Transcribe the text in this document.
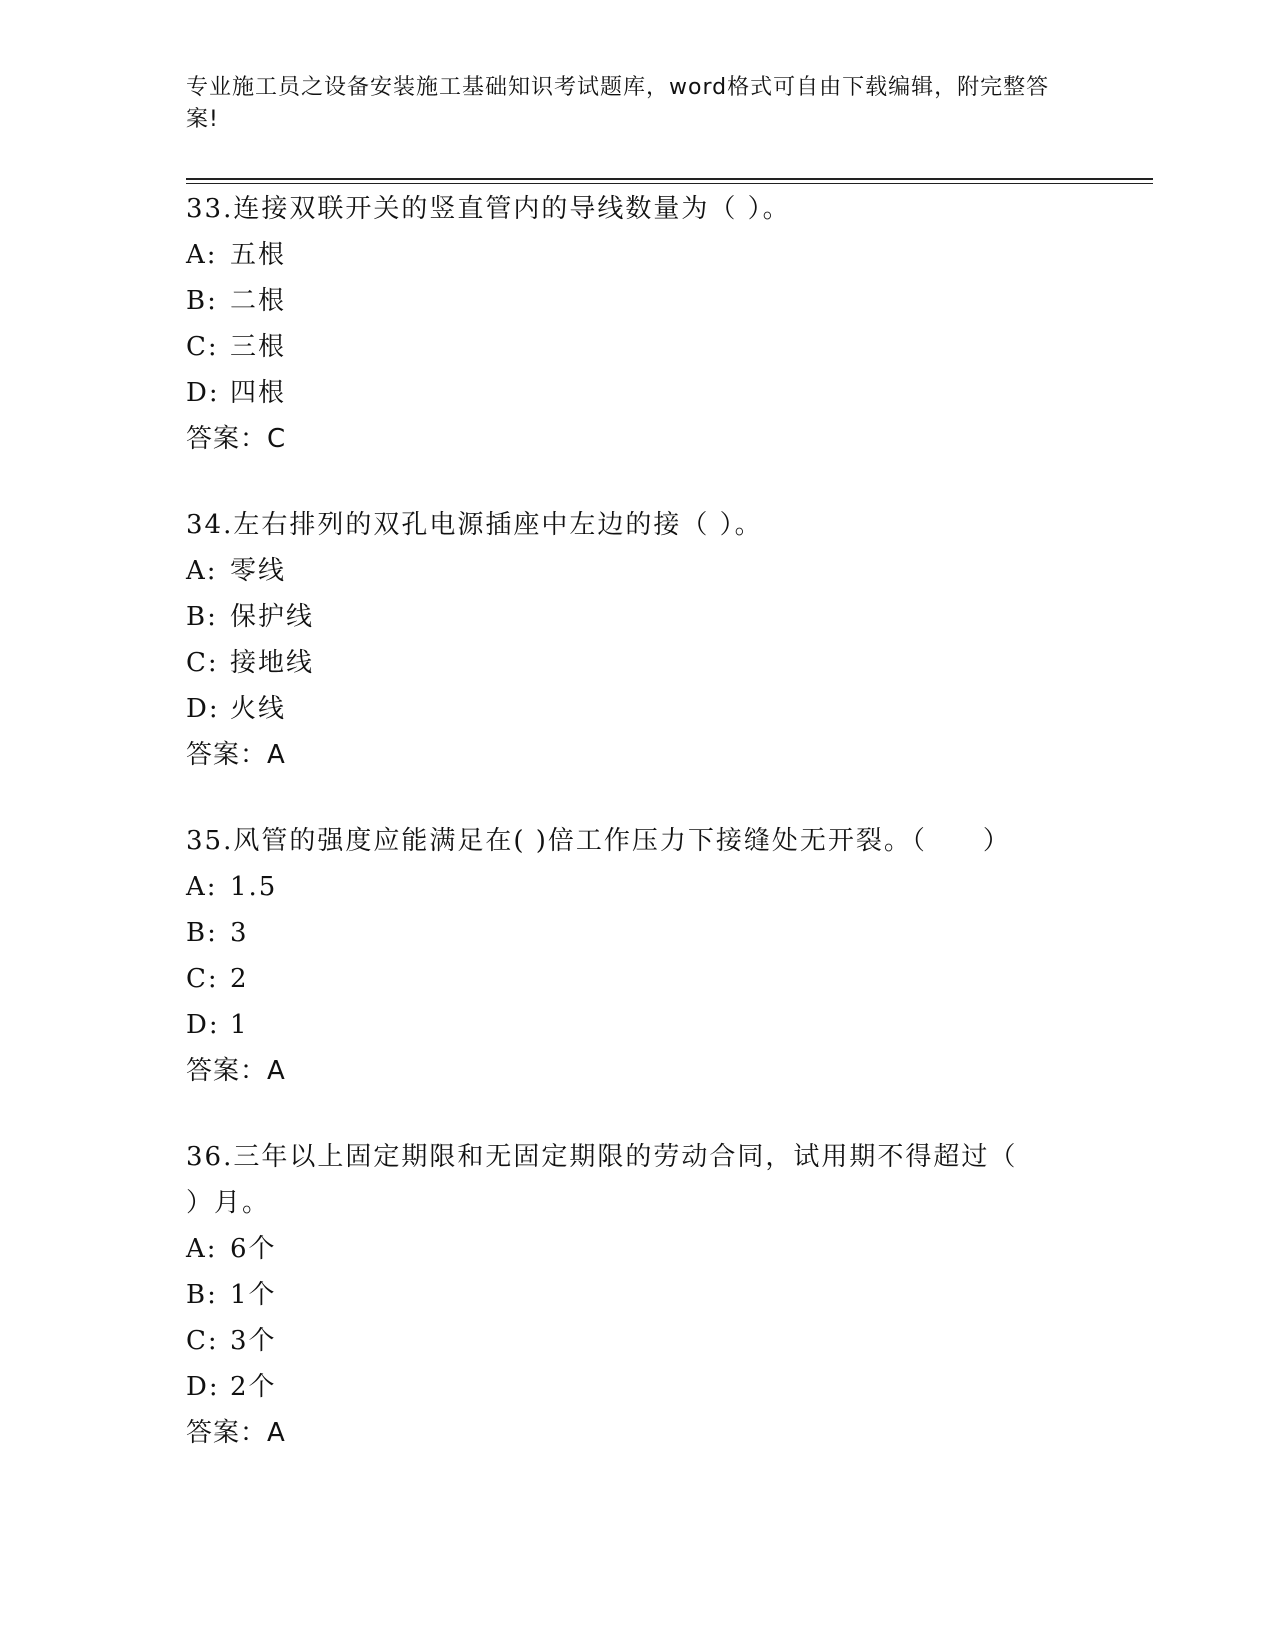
专业施工员之设备安装施工基础知识考试题库，word格式可自由下载编辑，附完整答案!

33.连接双联开关的竖直管内的导线数量为（ ）。

A: 五根
B: 二根
C: 三根
D: 四根
答案：C

34.左右排列的双孔电源插座中左边的接（ ）。

A: 零线
B: 保护线
C: 接地线
D: 火线
答案：A

35.风管的强度应能满足在( )倍工作压力下接缝处无开裂。（　　）

A: 1.5
B: 3
C: 2
D: 1
答案：A

36.三年以上固定期限和无固定期限的劳动合同，试用期不得超过（ ）月。

A: 6个
B: 1个
C: 3个
D: 2个
答案：A
